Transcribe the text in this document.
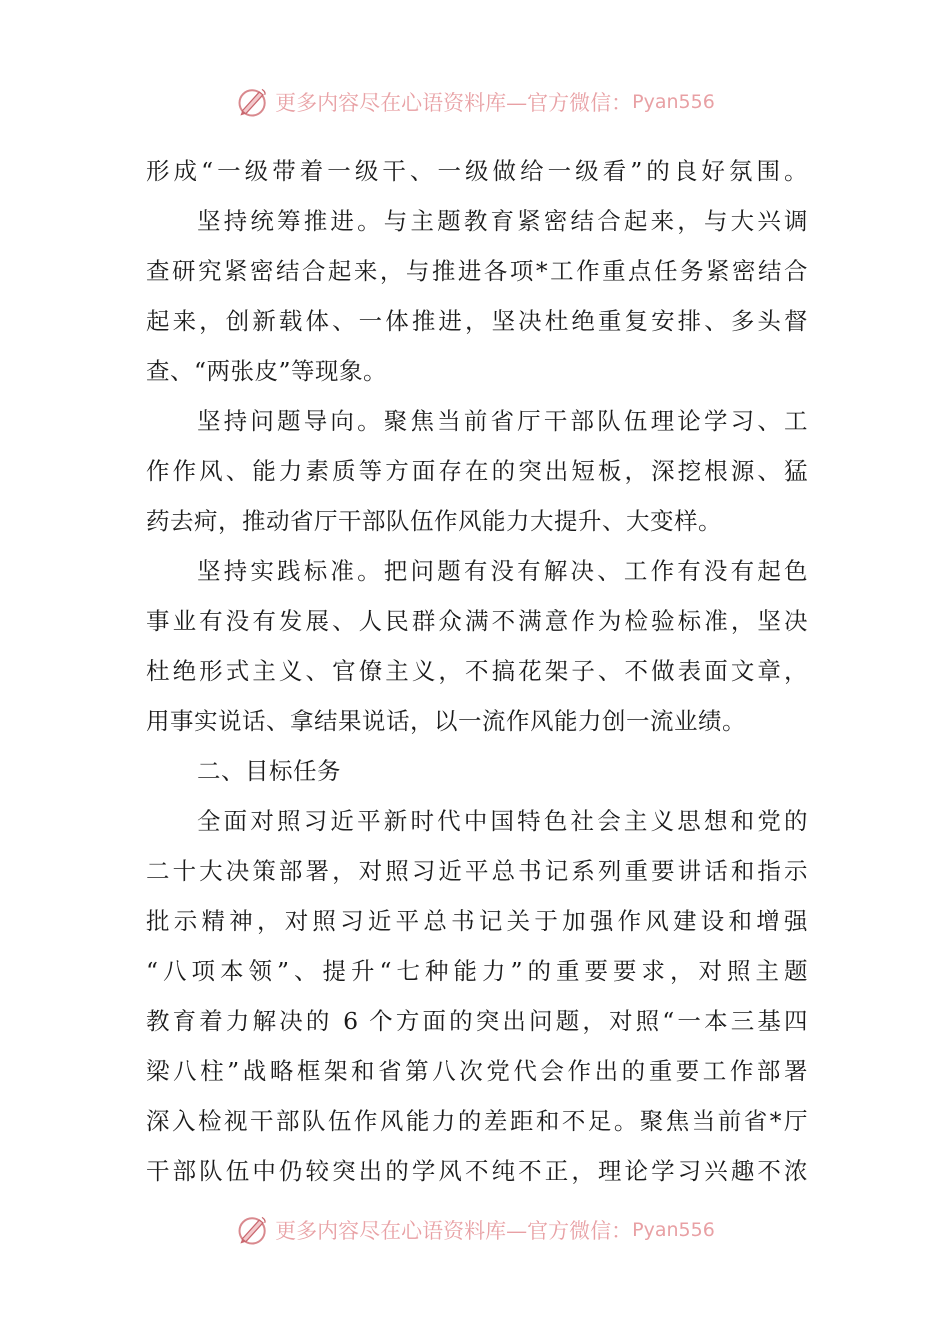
更多内容尽在心语资料库—官方微信： Pyan556
形成“一级带着一级干、一级做给一级看”的良好氛围。
坚持统筹推进。与主题教育紧密结合起来，与大兴调
查研究紧密结合起来，与推进各项*工作重点任务紧密结合
起来，创新载体、一体推进，坚决杜绝重复安排、多头督
查、“两张皮”等现象。
坚持问题导向。聚焦当前省厅干部队伍理论学习、工
作作风、能力素质等方面存在的突出短板，深挖根源、猛
药去疴，推动省厅干部队伍作风能力大提升、大变样。
坚持实践标准。把问题有没有解决、工作有没有起色
事业有没有发展、人民群众满不满意作为检验标准，坚决
杜绝形式主义、官僚主义，不搞花架子、不做表面文章，
用事实说话、拿结果说话，以一流作风能力创一流业绩。
二、目标任务
全面对照习近平新时代中国特色社会主义思想和党的
二十大决策部署，对照习近平总书记系列重要讲话和指示
批示精神，对照习近平总书记关于加强作风建设和增强
“八项本领”、提升“七种能力”的重要要求，对照主题
教育着力解决的 6 个方面的突出问题，对照“一本三基四
梁八柱”战略框架和省第八次党代会作出的重要工作部署
深入检视干部队伍作风能力的差距和不足。聚焦当前省*厅
干部队伍中仍较突出的学风不纯不正，理论学习兴趣不浓
更多内容尽在心语资料库—官方微信： Pyan556
